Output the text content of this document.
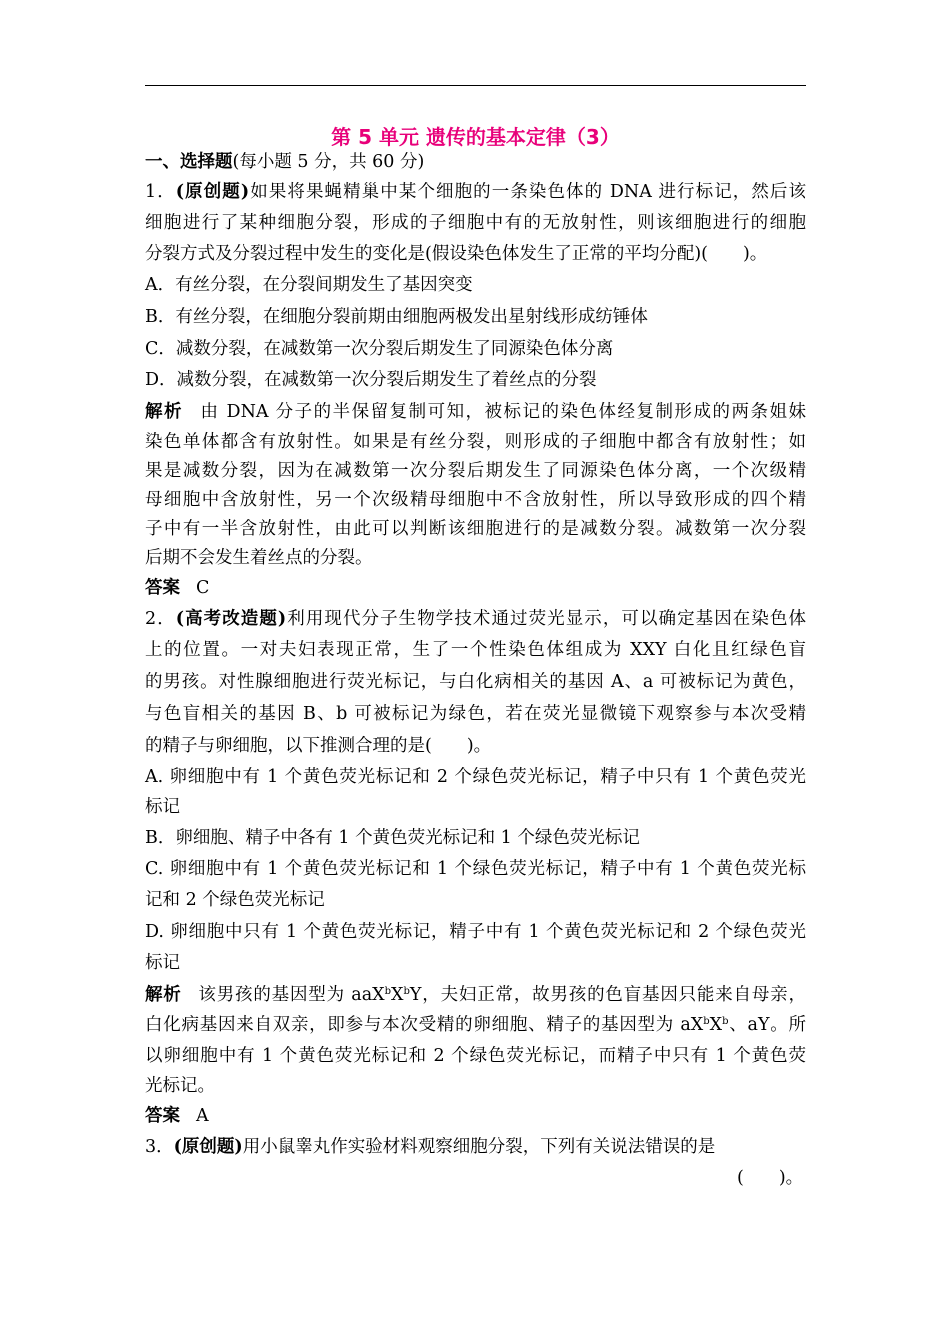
第 5 单元 遗传的基本定律（3）
一、选择题(每小题 5 分，共 60 分)
1．(原创题)如果将果蝇精巢中某个细胞的一条染色体的 DNA 进行标记，然后该
细胞进行了某种细胞分裂，形成的子细胞中有的无放射性，则该细胞进行的细胞
分裂方式及分裂过程中发生的变化是(假设染色体发生了正常的平均分配)(　　)。
A．有丝分裂，在分裂间期发生了基因突变
B．有丝分裂，在细胞分裂前期由细胞两极发出星射线形成纺锤体
C．减数分裂，在减数第一次分裂后期发生了同源染色体分离
D．减数分裂，在减数第一次分裂后期发生了着丝点的分裂
解析 由 DNA 分子的半保留复制可知，被标记的染色体经复制形成的两条姐妹
染色单体都含有放射性。如果是有丝分裂，则形成的子细胞中都含有放射性；如
果是减数分裂，因为在减数第一次分裂后期发生了同源染色体分离，一个次级精
母细胞中含放射性，另一个次级精母细胞中不含放射性，所以导致形成的四个精
子中有一半含放射性，由此可以判断该细胞进行的是减数分裂。减数第一次分裂
后期不会发生着丝点的分裂。
答案 C
2．(高考改造题)利用现代分子生物学技术通过荧光显示，可以确定基因在染色体
上的位置。一对夫妇表现正常，生了一个性染色体组成为 XXY 白化且红绿色盲
的男孩。对性腺细胞进行荧光标记，与白化病相关的基因 A、a 可被标记为黄色，
与色盲相关的基因 B、b 可被标记为绿色，若在荧光显微镜下观察参与本次受精
的精子与卵细胞，以下推测合理的是(　　)。
A. 卵细胞中有 1 个黄色荧光标记和 2 个绿色荧光标记，精子中只有 1 个黄色荧光
标记
B．卵细胞、精子中各有 1 个黄色荧光标记和 1 个绿色荧光标记
C. 卵细胞中有 1 个黄色荧光标记和 1 个绿色荧光标记，精子中有 1 个黄色荧光标
记和 2 个绿色荧光标记
D. 卵细胞中只有 1 个黄色荧光标记，精子中有 1 个黄色荧光标记和 2 个绿色荧光
标记
解析 该男孩的基因型为 $aaX^bX^bY$，夫妇正常，故男孩的色盲基因只能来自母亲，
白化病基因来自双亲，即参与本次受精的卵细胞、精子的基因型为 $aX^bX^b$、aY。所
以卵细胞中有 1 个黄色荧光标记和 2 个绿色荧光标记，而精子中只有 1 个黄色荧
光标记。
答案 A
3．(原创题)用小鼠睾丸作实验材料观察细胞分裂，下列有关说法错误的是
(　　)。
